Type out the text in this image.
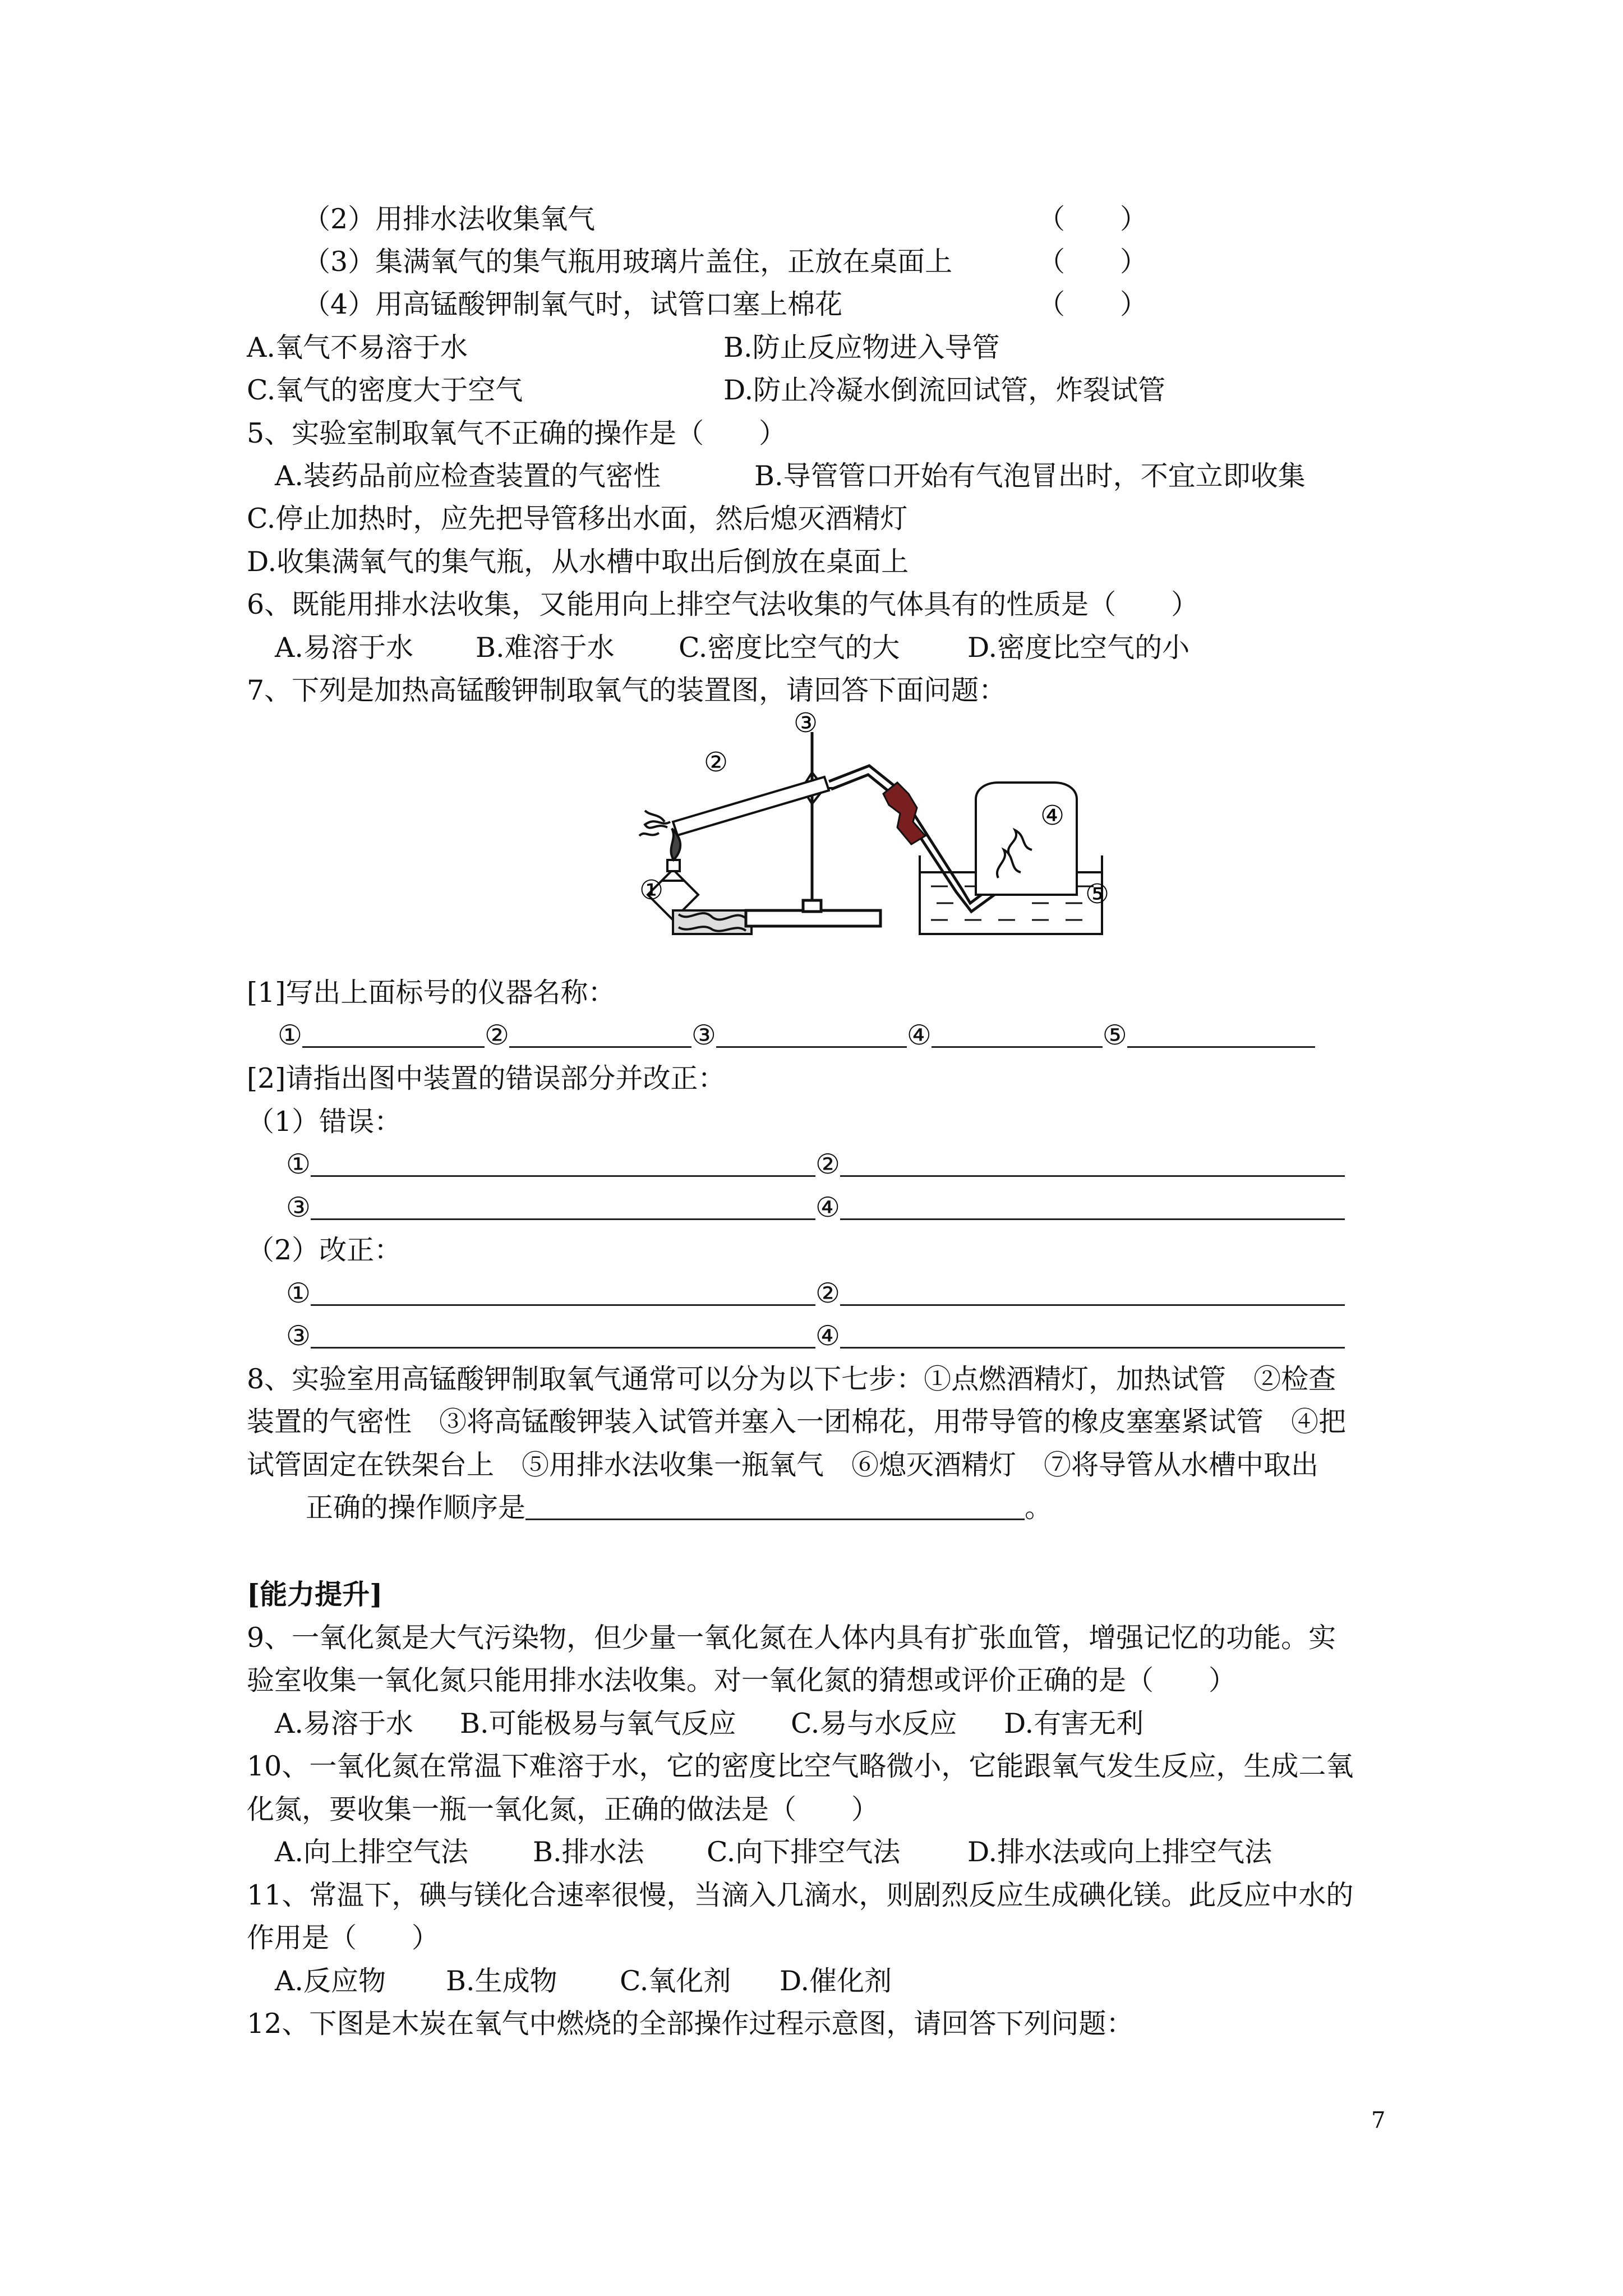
（2）用排水法收集氧气	（　　）
（3）集满氧气的集气瓶用玻璃片盖住，正放在桌面上	（　　）
（4）用高锰酸钾制氧气时，试管口塞上棉花	（　　）
A.氧气不易溶于水	B.防止反应物进入导管
C.氧气的密度大于空气	D.防止冷凝水倒流回试管，炸裂试管
5、实验室制取氧气不正确的操作是（　　）
A.装药品前应检查装置的气密性	B.导管管口开始有气泡冒出时，不宜立即收集
C.停止加热时，应先把导管移出水面，然后熄灭酒精灯
D.收集满氧气的集气瓶，从水槽中取出后倒放在桌面上
6、既能用排水法收集，又能用向上排空气法收集的气体具有的性质是（　　）
A.易溶于水 B.难溶于水 C.密度比空气的大 D.密度比空气的小
7、下列是加热高锰酸钾制取氧气的装置图，请回答下面问题：
①
②
③
④
⑤
[1]写出上面标号的仪器名称：
①	②	③	④	⑤
[2]请指出图中装置的错误部分并改正：
（1）错误：
①	②
③	④
（2）改正：
①	②
③	④
8、实验室用高锰酸钾制取氧气通常可以分为以下七步：①点燃酒精灯，加热试管　②检查
装置的气密性　③将高锰酸钾装入试管并塞入一团棉花，用带导管的橡皮塞塞紧试管　④把
试管固定在铁架台上　⑤用排水法收集一瓶氧气　⑥熄灭酒精灯　⑦将导管从水槽中取出
正确的操作顺序是	。
[能力提升]
9、一氧化氮是大气污染物，但少量一氧化氮在人体内具有扩张血管，增强记忆的功能。实
验室收集一氧化氮只能用排水法收集。对一氧化氮的猜想或评价正确的是（　　）
A.易溶于水 B.可能极易与氧气反应 C.易与水反应 D.有害无利
10、一氧化氮在常温下难溶于水，它的密度比空气略微小，它能跟氧气发生反应，生成二氧
化氮，要收集一瓶一氧化氮，正确的做法是（　　）
A.向上排空气法 B.排水法 C.向下排空气法 D.排水法或向上排空气法
11、常温下，碘与镁化合速率很慢，当滴入几滴水，则剧烈反应生成碘化镁。此反应中水的
作用是（　　）
A.反应物 B.生成物 C.氧化剂 D.催化剂
12、下图是木炭在氧气中燃烧的全部操作过程示意图，请回答下列问题：
7
